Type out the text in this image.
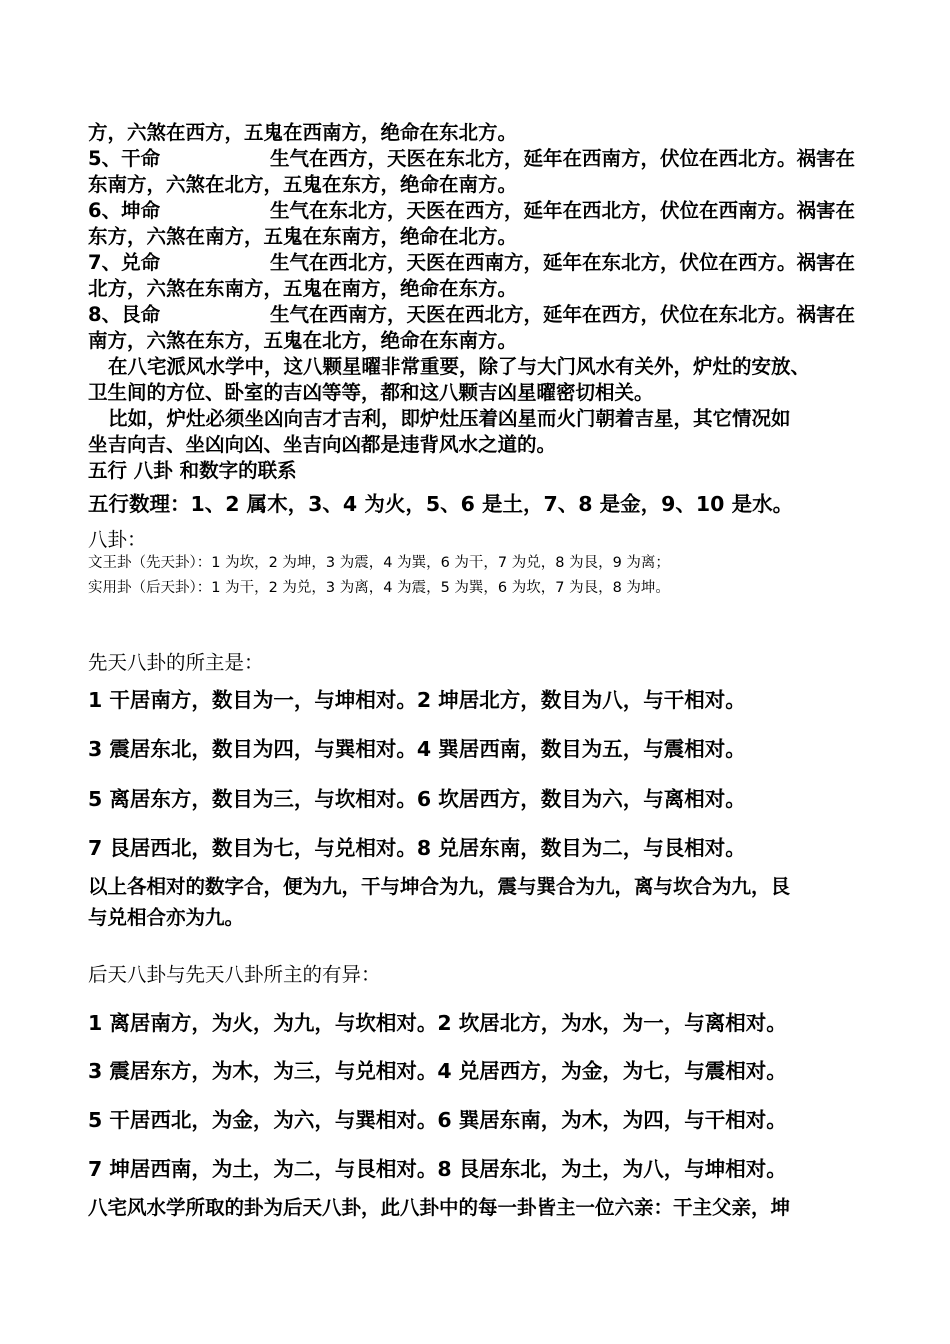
方，六煞在西方，五鬼在西南方，绝命在东北方。
5、干命	生气在西方，天医在东北方，延年在西南方，伏位在西北方。祸害在
东南方，六煞在北方，五鬼在东方，绝命在南方。
6、坤命	生气在东北方，天医在西方，延年在西北方，伏位在西南方。祸害在
东方，六煞在南方，五鬼在东南方，绝命在北方。
7、兑命	生气在西北方，天医在西南方，延年在东北方，伏位在西方。祸害在
北方，六煞在东南方，五鬼在南方，绝命在东方。
8、艮命	生气在西南方，天医在西北方，延年在西方，伏位在东北方。祸害在
南方，六煞在东方，五鬼在北方，绝命在东南方。
在八宅派风水学中，这八颗星曜非常重要，除了与大门风水有关外，炉灶的安放、
卫生间的方位、卧室的吉凶等等，都和这八颗吉凶星曜密切相关。
比如，炉灶必须坐凶向吉才吉利，即炉灶压着凶星而火门朝着吉星，其它情况如
坐吉向吉、坐凶向凶、坐吉向凶都是违背风水之道的。
五行 八卦 和数字的联系
五行数理：1、2 属木，3、4 为火，5、6 是土，7、8 是金，9、10 是水。
八卦：
文王卦（先天卦）：1 为坎，2 为坤，3 为震，4 为巽，6 为干，7 为兑，8 为艮，9 为离；
实用卦（后天卦）：1 为干，2 为兑，3 为离，4 为震，5 为巽，6 为坎，7 为艮，8 为坤。
先天八卦的所主是：
1 干居南方，数目为一，与坤相对。2 坤居北方，数目为八，与干相对。
3 震居东北，数目为四，与巽相对。4 巽居西南，数目为五，与震相对。
5 离居东方，数目为三，与坎相对。6 坎居西方，数目为六，与离相对。
7 艮居西北，数目为七，与兑相对。8 兑居东南，数目为二，与艮相对。
以上各相对的数字合，便为九，干与坤合为九，震与巽合为九，离与坎合为九，艮
与兑相合亦为九。
后天八卦与先天八卦所主的有异：
1 离居南方，为火，为九，与坎相对。2 坎居北方，为水，为一，与离相对。
3 震居东方，为木，为三，与兑相对。4 兑居西方，为金，为七，与震相对。
5 干居西北，为金，为六，与巽相对。6 巽居东南，为木，为四，与干相对。
7 坤居西南，为土，为二，与艮相对。8 艮居东北，为土，为八，与坤相对。
八宅风水学所取的卦为后天八卦，此八卦中的每一卦皆主一位六亲：干主父亲，坤
